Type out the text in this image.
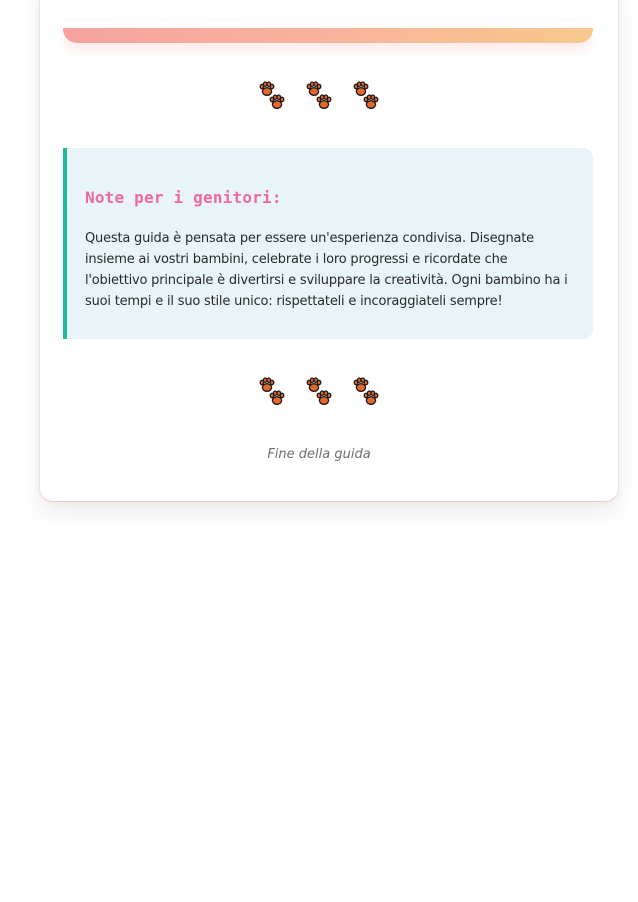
Note per i genitori:

Questa guida è pensata per essere un'esperienza condivisa. Disegnate insieme ai vostri bambini, celebrate i loro progressi e ricordate che l'obiettivo principale è divertirsi e sviluppare la creatività. Ogni bambino ha i suoi tempi e il suo stile unico: rispettateli e incoraggiateli sempre!

Fine della guida
